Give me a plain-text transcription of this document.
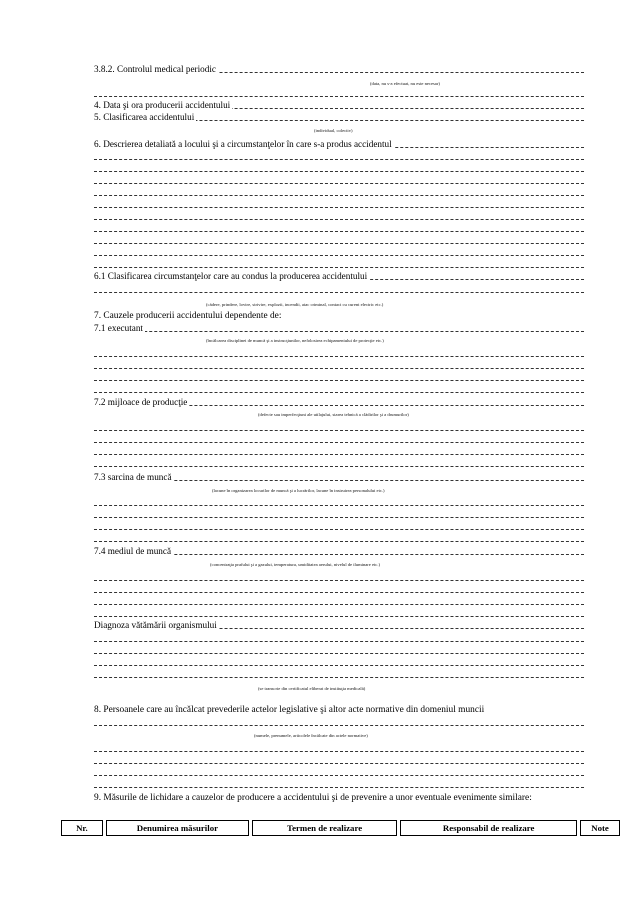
3.8.2. Controlul medical periodic
(data, nu s-a efectuat, nu este necesar)
4. Data şi ora producerii accidentului
5. Clasificarea accidentului
(individual, colectiv)
6. Descrierea detaliată a locului şi a circumstanţelor în care s-a produs accidentul
6.1 Clasificarea circumstanţelor care au condus la producerea accidentului
(cădere, prindere, lovire, strivire, explozii, incendii, atac criminal, contact cu curent electric etc.)
7. Cauzele producerii accidentului dependente de:
7.1 executant
(încălcarea disciplinei de muncă şi a instrucţiunilor, nefolosirea echipamentului de protecţie etc.)
7.2 mijloace de producţie
(defecte sau imperfecţiuni ale utilajului, starea tehnică a clădirilor şi a drumurilor)
7.3 sarcina de muncă
(lacune în organizarea locurilor de muncă şi a lucrărilor, lacune în instruirea personalului etc.)
7.4 mediul de muncă
(concentraţia prafului şi a gazului, temperatura, umiditatea aerului, nivelul de iluminare etc.)
Diagnoza vătămării organismului
(se transcrie din certificatul eliberat de instituţia medicală)
8. Persoanele care au încălcat prevederile actelor legislative şi altor acte normative din domeniul muncii
(numele, prenumele, articolele încălcate din actele normative)
9. Măsurile de lichidare a cauzelor de producere a accidentului şi de prevenire a unor eventuale evenimente similare:
Nr.	Denumirea măsurilor	Termen de realizare	Responsabil de realizare	Note
